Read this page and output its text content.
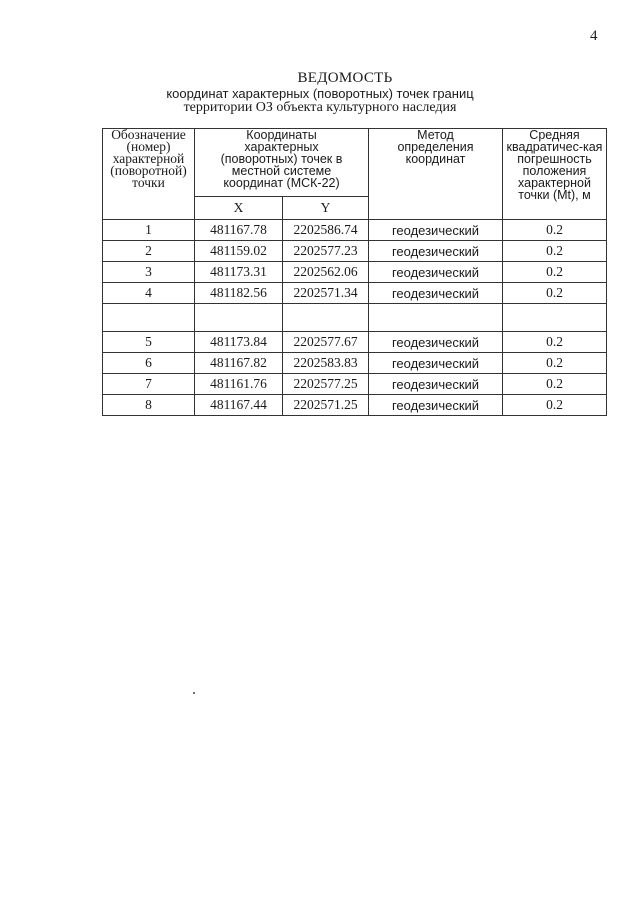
4
ВЕДОМОСТЬ
координат характерных (поворотных) точек границ
территории ОЗ объекта культурного наследия
Обозначение (номер) характерной (поворотной) точки	Координаты характерных (поворотных) точек в местной системе координат (МСК-22)		Метод определения координат	Средняя квадратичес-кая погрешность положения характерной точки (Mt), м
	X	Y		
1	481167.78	2202586.74	геодезический	0.2
2	481159.02	2202577.23	геодезический	0.2
3	481173.31	2202562.06	геодезический	0.2
4	481182.56	2202571.34	геодезический	0.2

5	481173.84	2202577.67	геодезический	0.2
6	481167.82	2202583.83	геодезический	0.2
7	481161.76	2202577.25	геодезический	0.2
8	481167.44	2202571.25	геодезический	0.2
